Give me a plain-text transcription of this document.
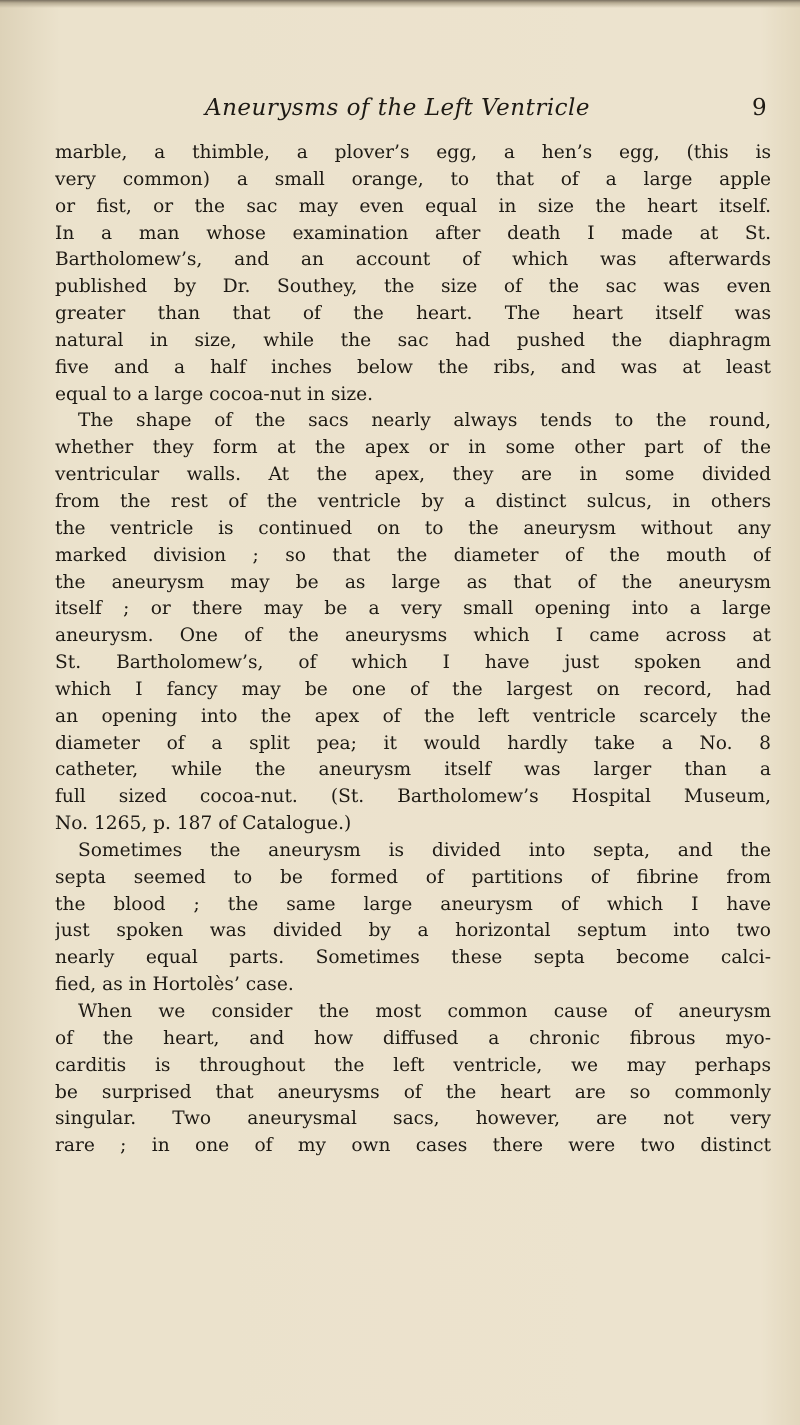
Aneurysms of the Left Ventricle	9
marble, a thimble, a plover’s egg, a hen’s egg, (this is
very common) a small orange, to that of a large apple
or fist, or the sac may even equal in size the heart itself.
In a man whose examination after death I made at St.
Bartholomew’s, and an account of which was afterwards
published by Dr. Southey, the size of the sac was even
greater than that of the heart. The heart itself was
natural in size, while the sac had pushed the diaphragm
five and a half inches below the ribs, and was at least
equal to a large cocoa-nut in size.
The shape of the sacs nearly always tends to the round,
whether they form at the apex or in some other part of the
ventricular walls. At the apex, they are in some divided
from the rest of the ventricle by a distinct sulcus, in others
the ventricle is continued on to the aneurysm without any
marked division ; so that the diameter of the mouth of
the aneurysm may be as large as that of the aneurysm
itself ; or there may be a very small opening into a large
aneurysm. One of the aneurysms which I came across at
St. Bartholomew’s, of which I have just spoken and
which I fancy may be one of the largest on record, had
an opening into the apex of the left ventricle scarcely the
diameter of a split pea; it would hardly take a No. 8
catheter, while the aneurysm itself was larger than a
full sized cocoa-nut. (St. Bartholomew’s Hospital Museum,
No. 1265, p. 187 of Catalogue.)
Sometimes the aneurysm is divided into septa, and the
septa seemed to be formed of partitions of fibrine from
the blood ; the same large aneurysm of which I have
just spoken was divided by a horizontal septum into two
nearly equal parts. Sometimes these septa become calci-
fied, as in Hortolès’ case.
When we consider the most common cause of aneurysm
of the heart, and how diffused a chronic fibrous myo-
carditis is throughout the left ventricle, we may perhaps
be surprised that aneurysms of the heart are so commonly
singular. Two aneurysmal sacs, however, are not very
rare ; in one of my own cases there were two distinct
